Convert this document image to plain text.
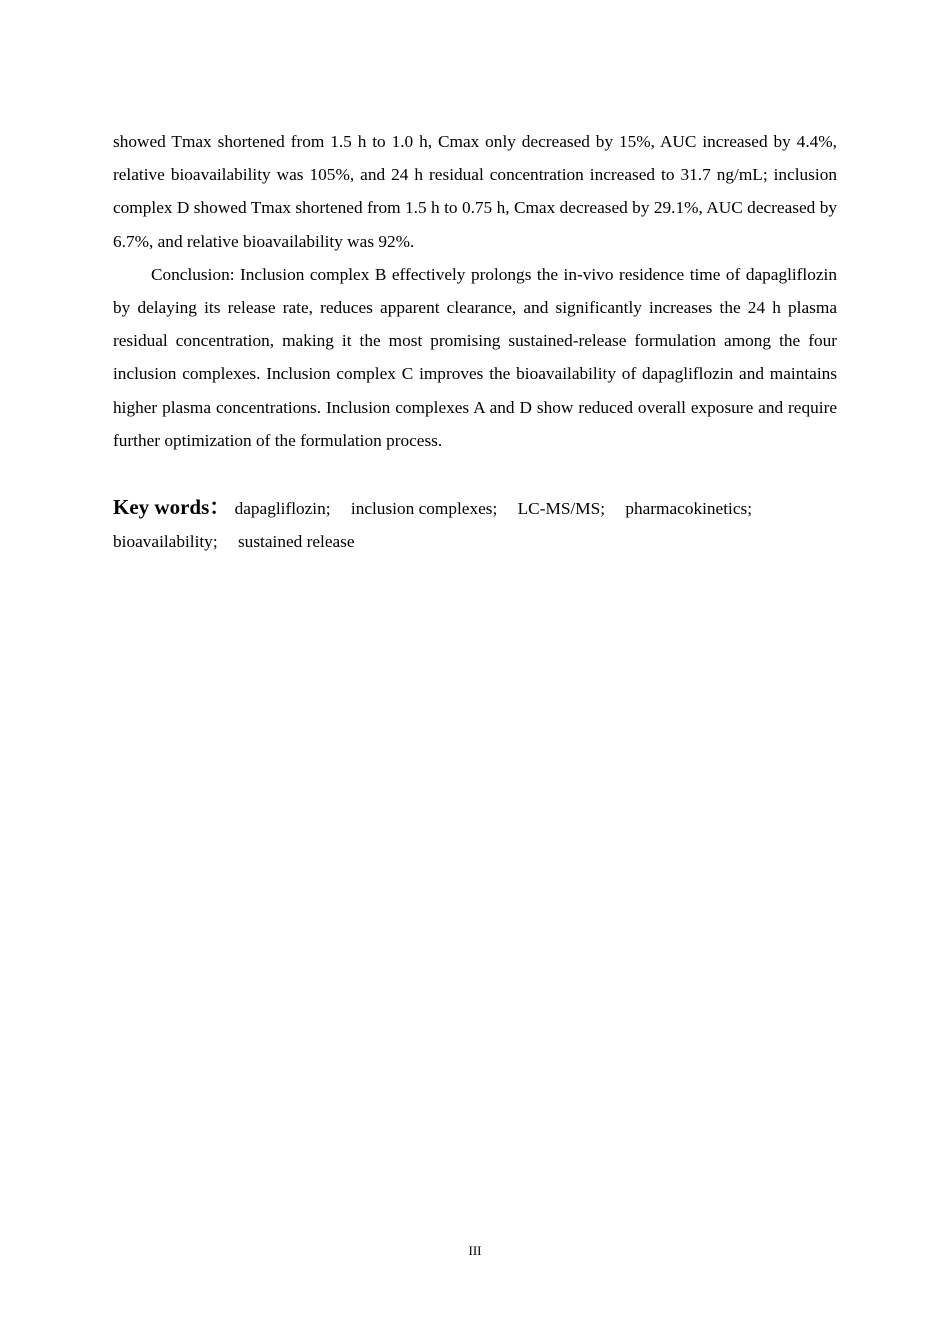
showed Tmax shortened from 1.5 h to 1.0 h, Cmax only decreased by 15%, AUC increased by 4.4%, relative bioavailability was 105%, and 24 h residual concentration increased to 31.7 ng/mL; inclusion complex D showed Tmax shortened from 1.5 h to 0.75 h, Cmax decreased by 29.1%, AUC decreased by 6.7%, and relative bioavailability was 92%.

Conclusion: Inclusion complex B effectively prolongs the in-vivo residence time of dapagliflozin by delaying its release rate, reduces apparent clearance, and significantly increases the 24 h plasma residual concentration, making it the most promising sustained-release formulation among the four inclusion complexes. Inclusion complex C improves the bioavailability of dapagliflozin and maintains higher plasma concentrations. Inclusion complexes A and D show reduced overall exposure and require further optimization of the formulation process.

Key words： dapagliflozin; inclusion complexes; LC-MS/MS; pharmacokinetics; bioavailability; sustained release
III
